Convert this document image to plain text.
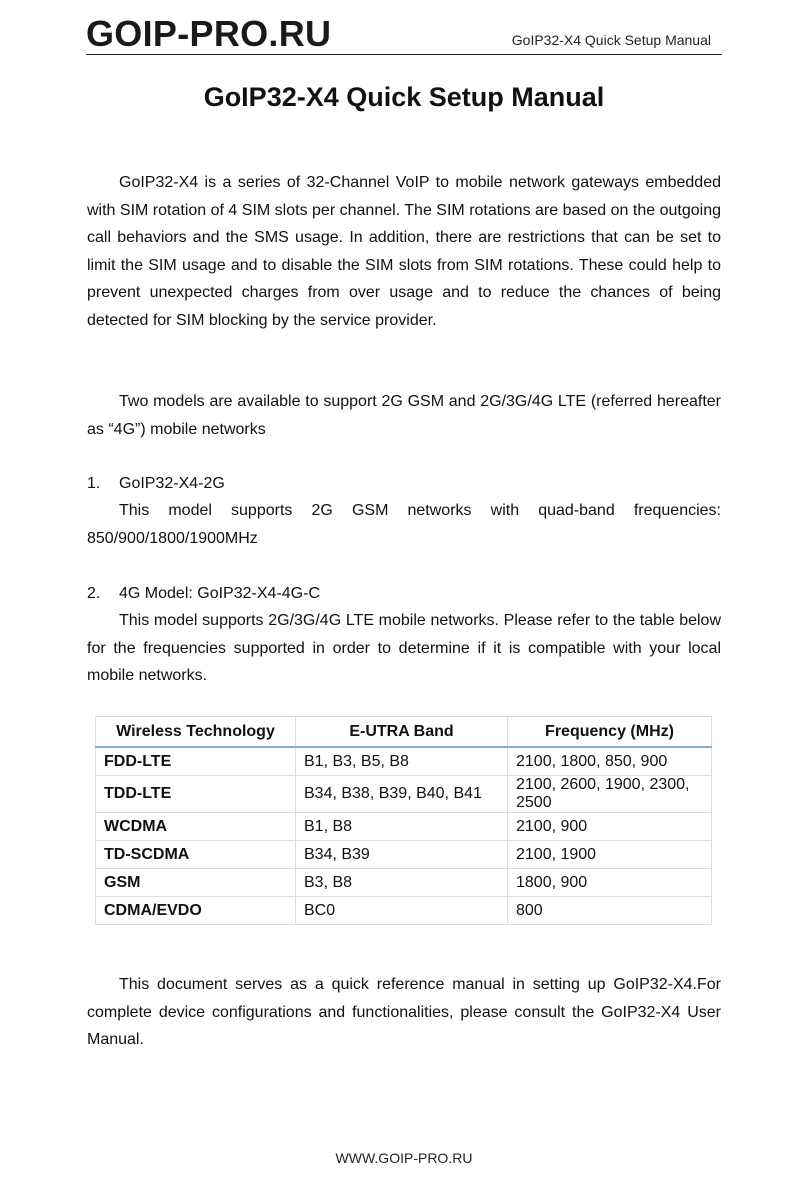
GOIP-PRO.RU	GoIP32-X4 Quick Setup Manual
GoIP32-X4 Quick Setup Manual

GoIP32-X4 is a series of 32-Channel VoIP to mobile network gateways embedded with SIM rotation of 4 SIM slots per channel. The SIM rotations are based on the outgoing call behaviors and the SMS usage. In addition, there are restrictions that can be set to limit the SIM usage and to disable the SIM slots from SIM rotations. These could help to prevent unexpected charges from over usage and to reduce the chances of being detected for SIM blocking by the service provider.

Two models are available to support 2G GSM and 2G/3G/4G LTE (referred hereafter as “4G”) mobile networks

1. GoIP32-X4-2G

This model supports 2G GSM networks with quad-band frequencies: 850/900/1800/1900MHz

2. 4G Model: GoIP32-X4-4G-C

This model supports 2G/3G/4G LTE mobile networks. Please refer to the table below for the frequencies supported in order to determine if it is compatible with your local mobile networks.

Wireless Technology	E-UTRA Band	Frequency (MHz)
FDD-LTE	B1, B3, B5, B8	2100, 1800, 850, 900
TDD-LTE	B34, B38, B39, B40, B41	2100, 2600, 1900, 2300, 2500
WCDMA	B1, B8	2100, 900
TD-SCDMA	B34, B39	2100, 1900
GSM	B3, B8	1800, 900
CDMA/EVDO	BC0	800

This document serves as a quick reference manual in setting up GoIP32-X4.For complete device configurations and functionalities, please consult the GoIP32-X4 User Manual.

WWW.GOIP-PRO.RU
